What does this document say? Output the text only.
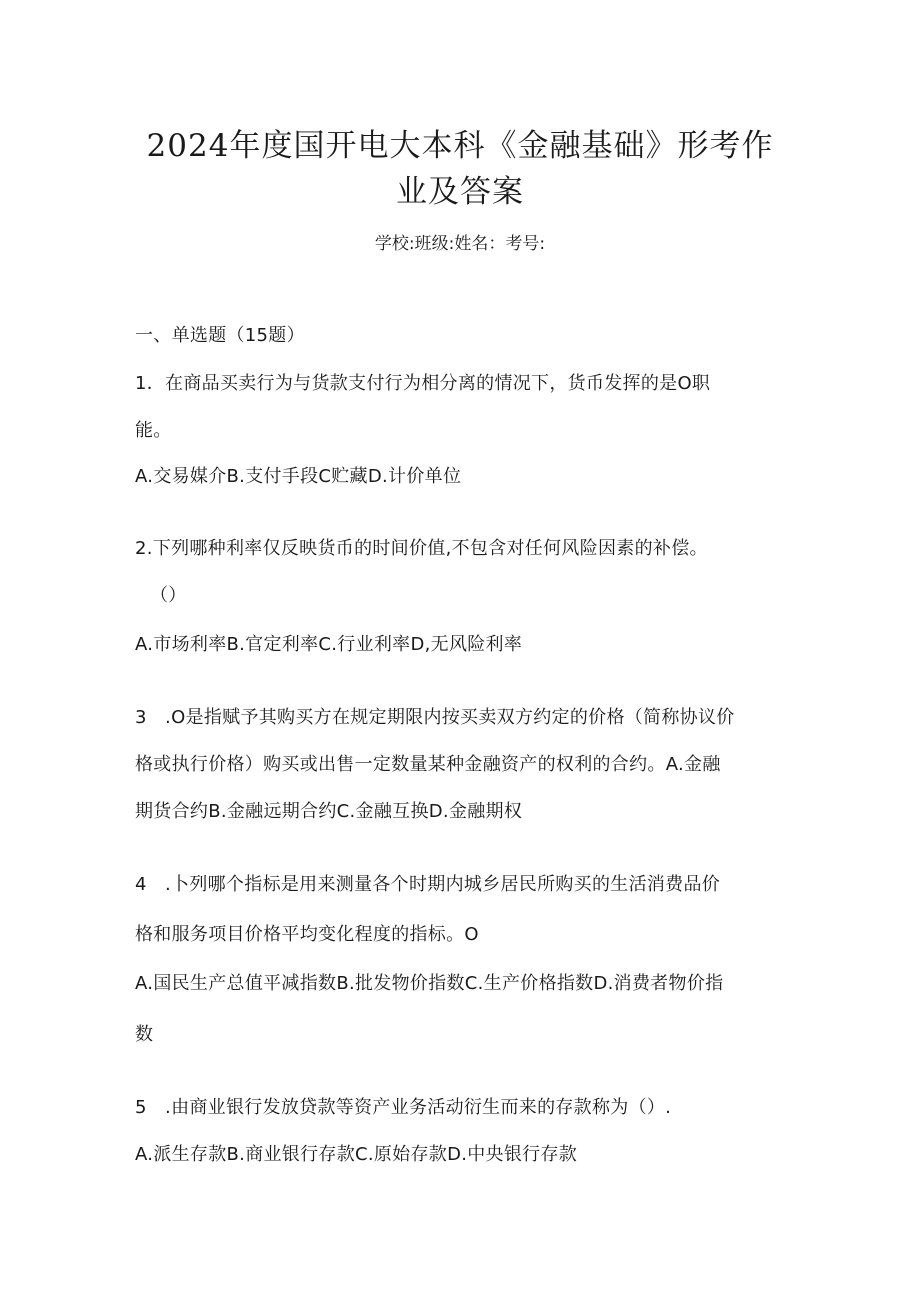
2024年度国开电大本科《金融基础》形考作
业及答案
学校:班级:姓名：考号:
一、单选题（15题）
1．在商品买卖行为与货款支付行为相分离的情况下，货币发挥的是O职
能。
A.交易媒介B.支付手段C贮藏D.计价单位
2.下列哪种利率仅反映货币的时间价值,不包含对任何风险因素的补偿。
（）
A.市场利率B.官定利率C.行业利率D,无风险利率
3　.O是指赋予其购买方在规定期限内按买卖双方约定的价格（简称协议价
格或执行价格）购买或出售一定数量某种金融资产的权利的合约。A.金融
期货合约B.金融远期合约C.金融互换D.金融期权
4　.卜列哪个指标是用来测量各个时期内城乡居民所购买的生活消费品价
格和服务项目价格平均变化程度的指标。O
A.国民生产总值平减指数B.批发物价指数C.生产价格指数D.消费者物价指
数
5　.由商业银行发放贷款等资产业务活动衍生而来的存款称为（）.
A.派生存款B.商业银行存款C.原始存款D.中央银行存款
